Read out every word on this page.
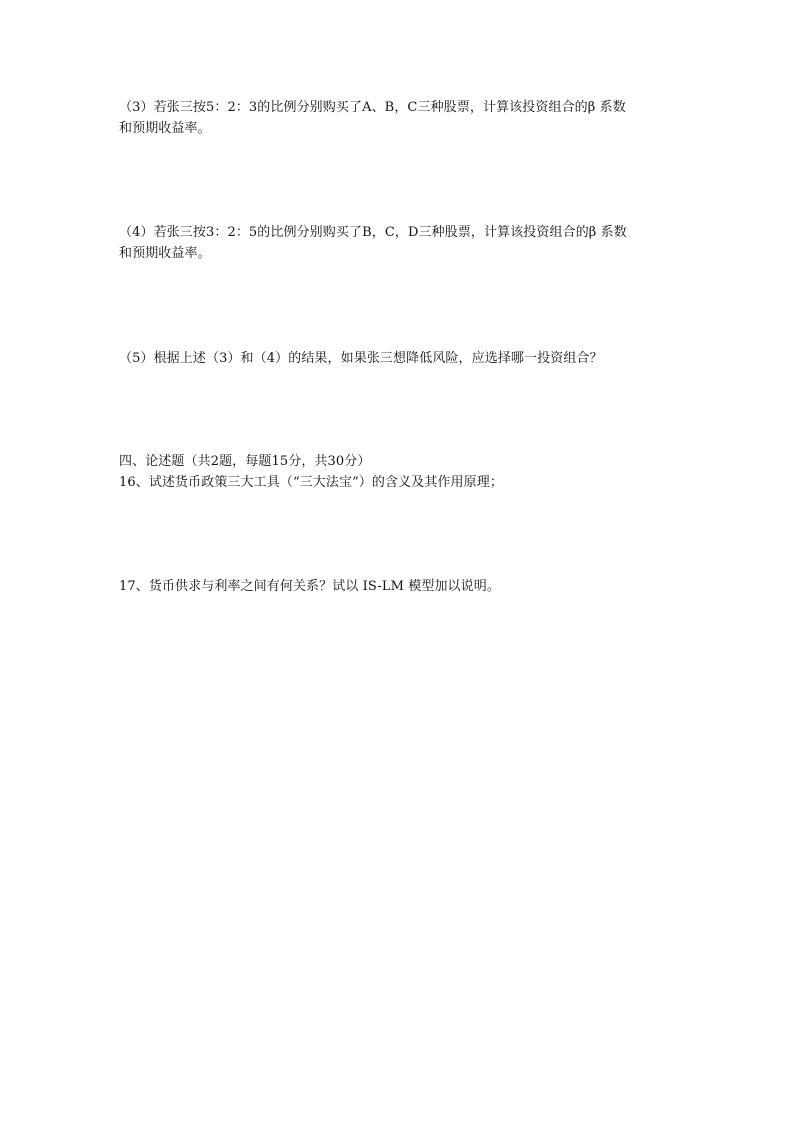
（3）若张三按5：2：3的比例分别购买了A、B，C三种股票，计算该投资组合的β 系数
和预期收益率。
（4）若张三按3：2：5的比例分别购买了B，C，D三种股票，计算该投资组合的β 系数
和预期收益率。
（5）根据上述（3）和（4）的结果，如果张三想降低风险，应选择哪一投资组合？
四、论述题（共2题，每题15分，共30分）
16、试述货币政策三大工具（“三大法宝”）的含义及其作用原理；
17、货币供求与利率之间有何关系？试以 IS-LM 模型加以说明。
